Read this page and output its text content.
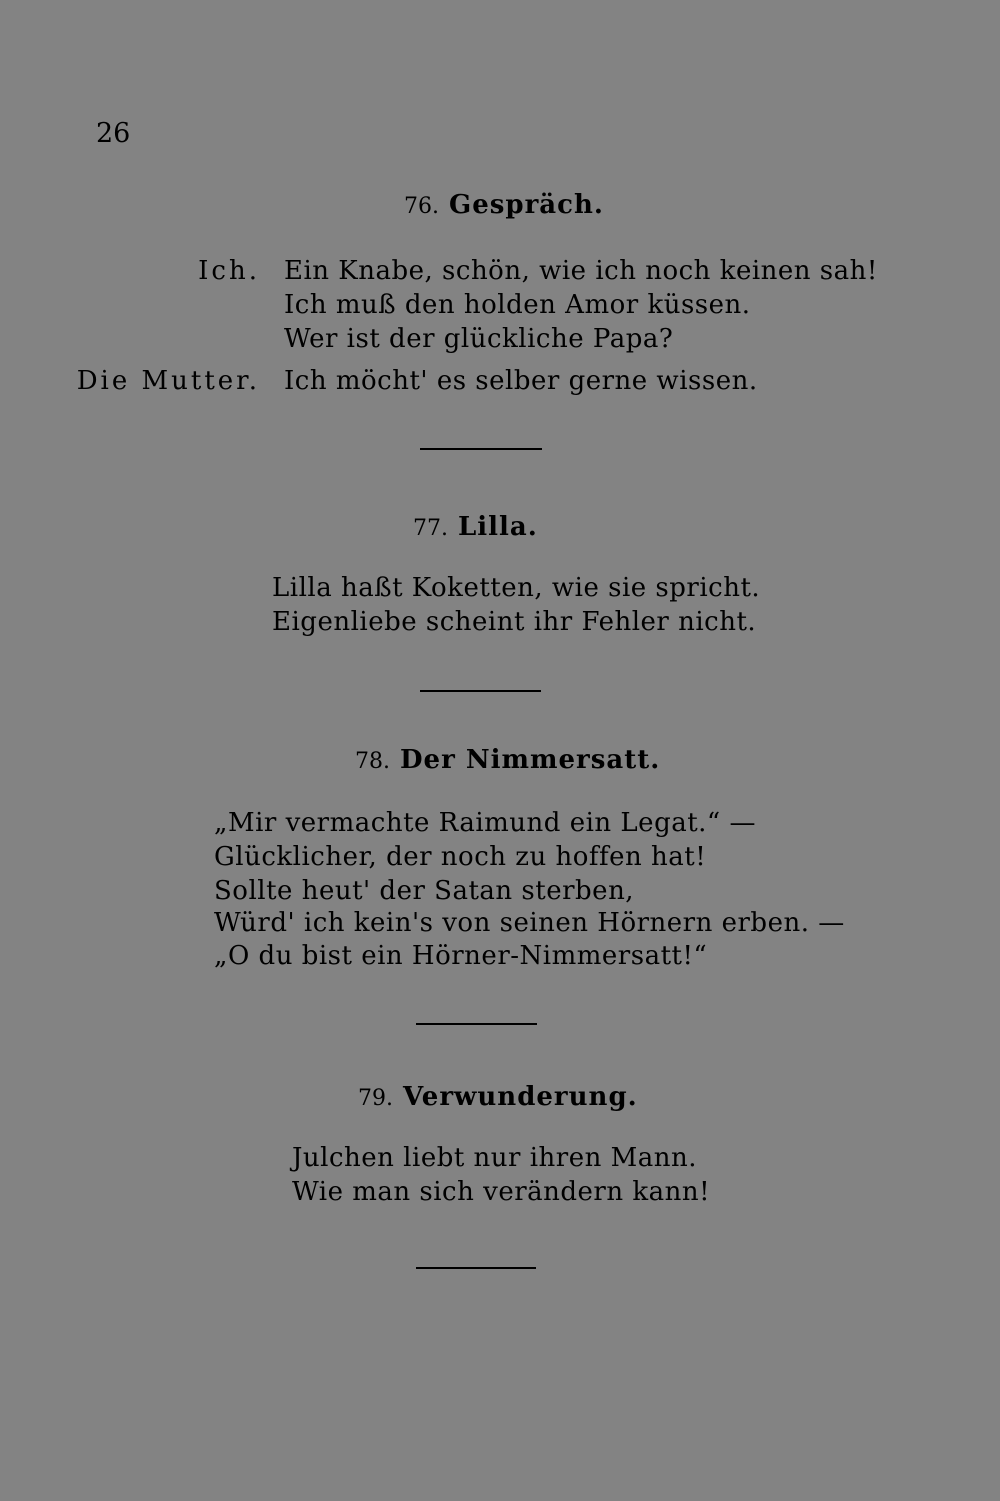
26
76. Gespräch.
Ich. Ein Knabe, schön, wie ich noch keinen sah!
Ich muß den holden Amor küssen.
Wer ist der glückliche Papa?
Die Mutter. Ich möcht' es selber gerne wissen.
77. Lilla.
Lilla haßt Koketten, wie sie spricht.
Eigenliebe scheint ihr Fehler nicht.
78. Der Nimmersatt.
„Mir vermachte Raimund ein Legat.“ —
Glücklicher, der noch zu hoffen hat!
Sollte heut' der Satan sterben,
Würd' ich kein's von seinen Hörnern erben. —
„O du bist ein Hörner-Nimmersatt!“
79. Verwunderung.
Julchen liebt nur ihren Mann.
Wie man sich verändern kann!
